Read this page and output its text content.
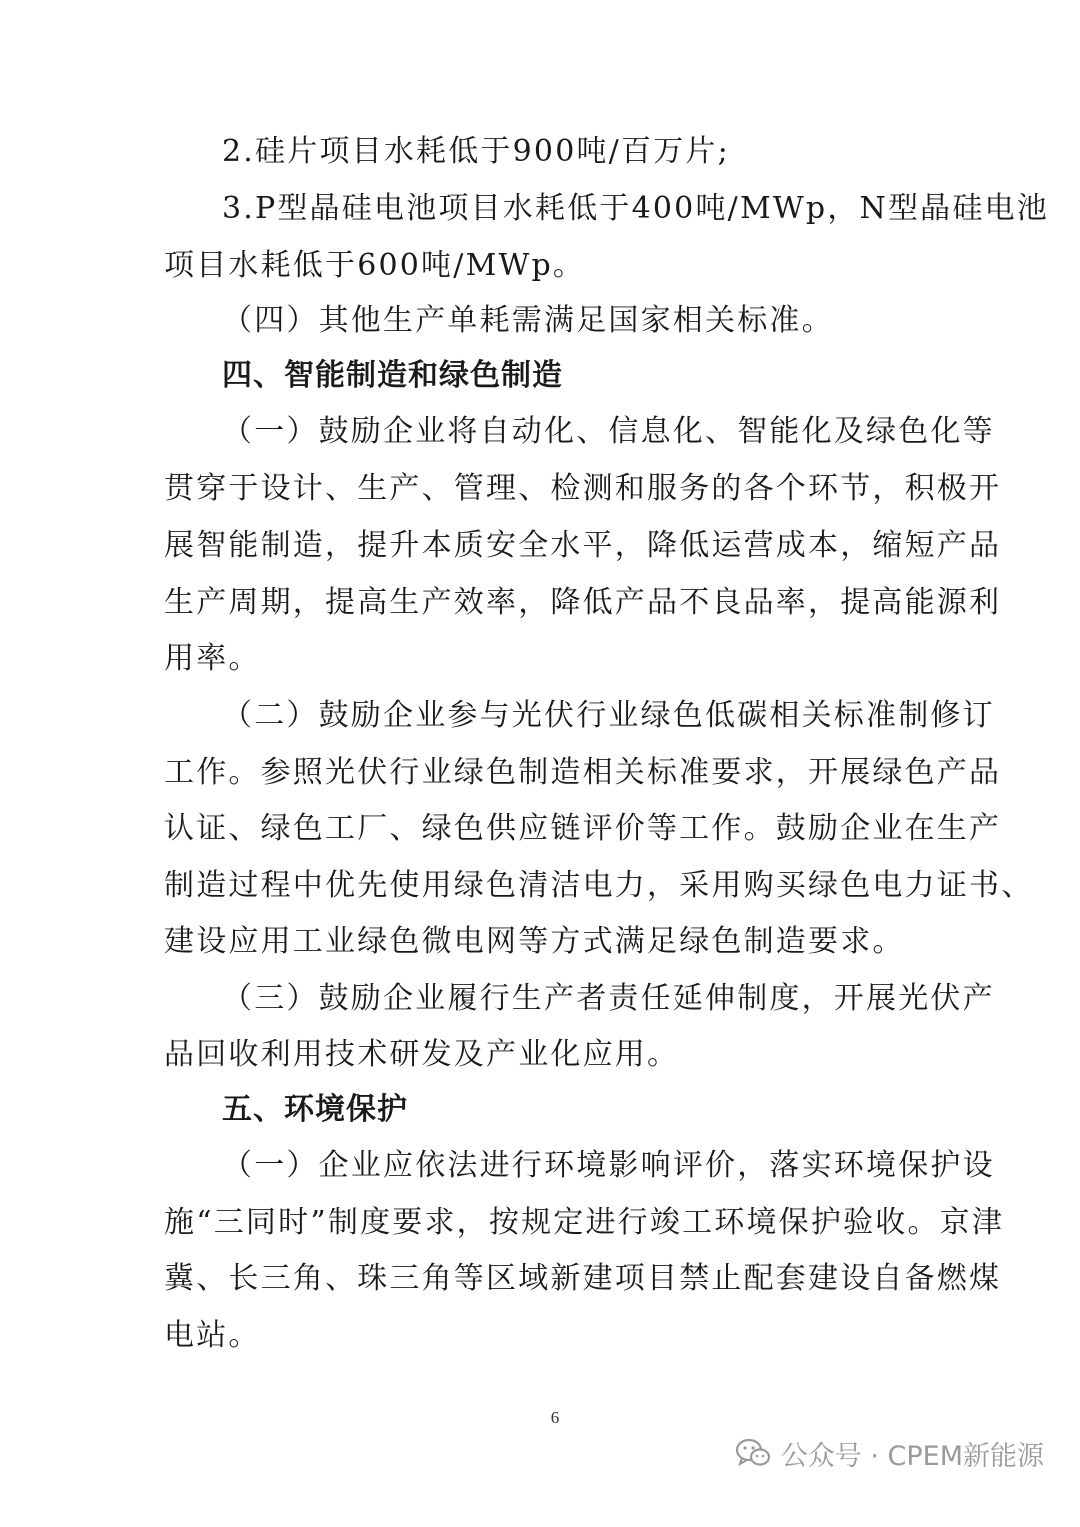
2.硅片项目水耗低于900吨/百万片;
3.P型晶硅电池项目水耗低于400吨/MWp，N型晶硅电池
项目水耗低于600吨/MWp。
（四）其他生产单耗需满足国家相关标准。
四、智能制造和绿色制造
（一）鼓励企业将自动化、信息化、智能化及绿色化等
贯穿于设计、生产、管理、检测和服务的各个环节，积极开
展智能制造，提升本质安全水平，降低运营成本，缩短产品
生产周期，提高生产效率，降低产品不良品率，提高能源利
用率。
（二）鼓励企业参与光伏行业绿色低碳相关标准制修订
工作。参照光伏行业绿色制造相关标准要求，开展绿色产品
认证、绿色工厂、绿色供应链评价等工作。鼓励企业在生产
制造过程中优先使用绿色清洁电力，采用购买绿色电力证书、
建设应用工业绿色微电网等方式满足绿色制造要求。
（三）鼓励企业履行生产者责任延伸制度，开展光伏产
品回收利用技术研发及产业化应用。
五、环境保护
（一）企业应依法进行环境影响评价，落实环境保护设
施“三同时”制度要求，按规定进行竣工环境保护验收。京津
冀、长三角、珠三角等区域新建项目禁止配套建设自备燃煤
电站。
6
公众号 · CPEM新能源
